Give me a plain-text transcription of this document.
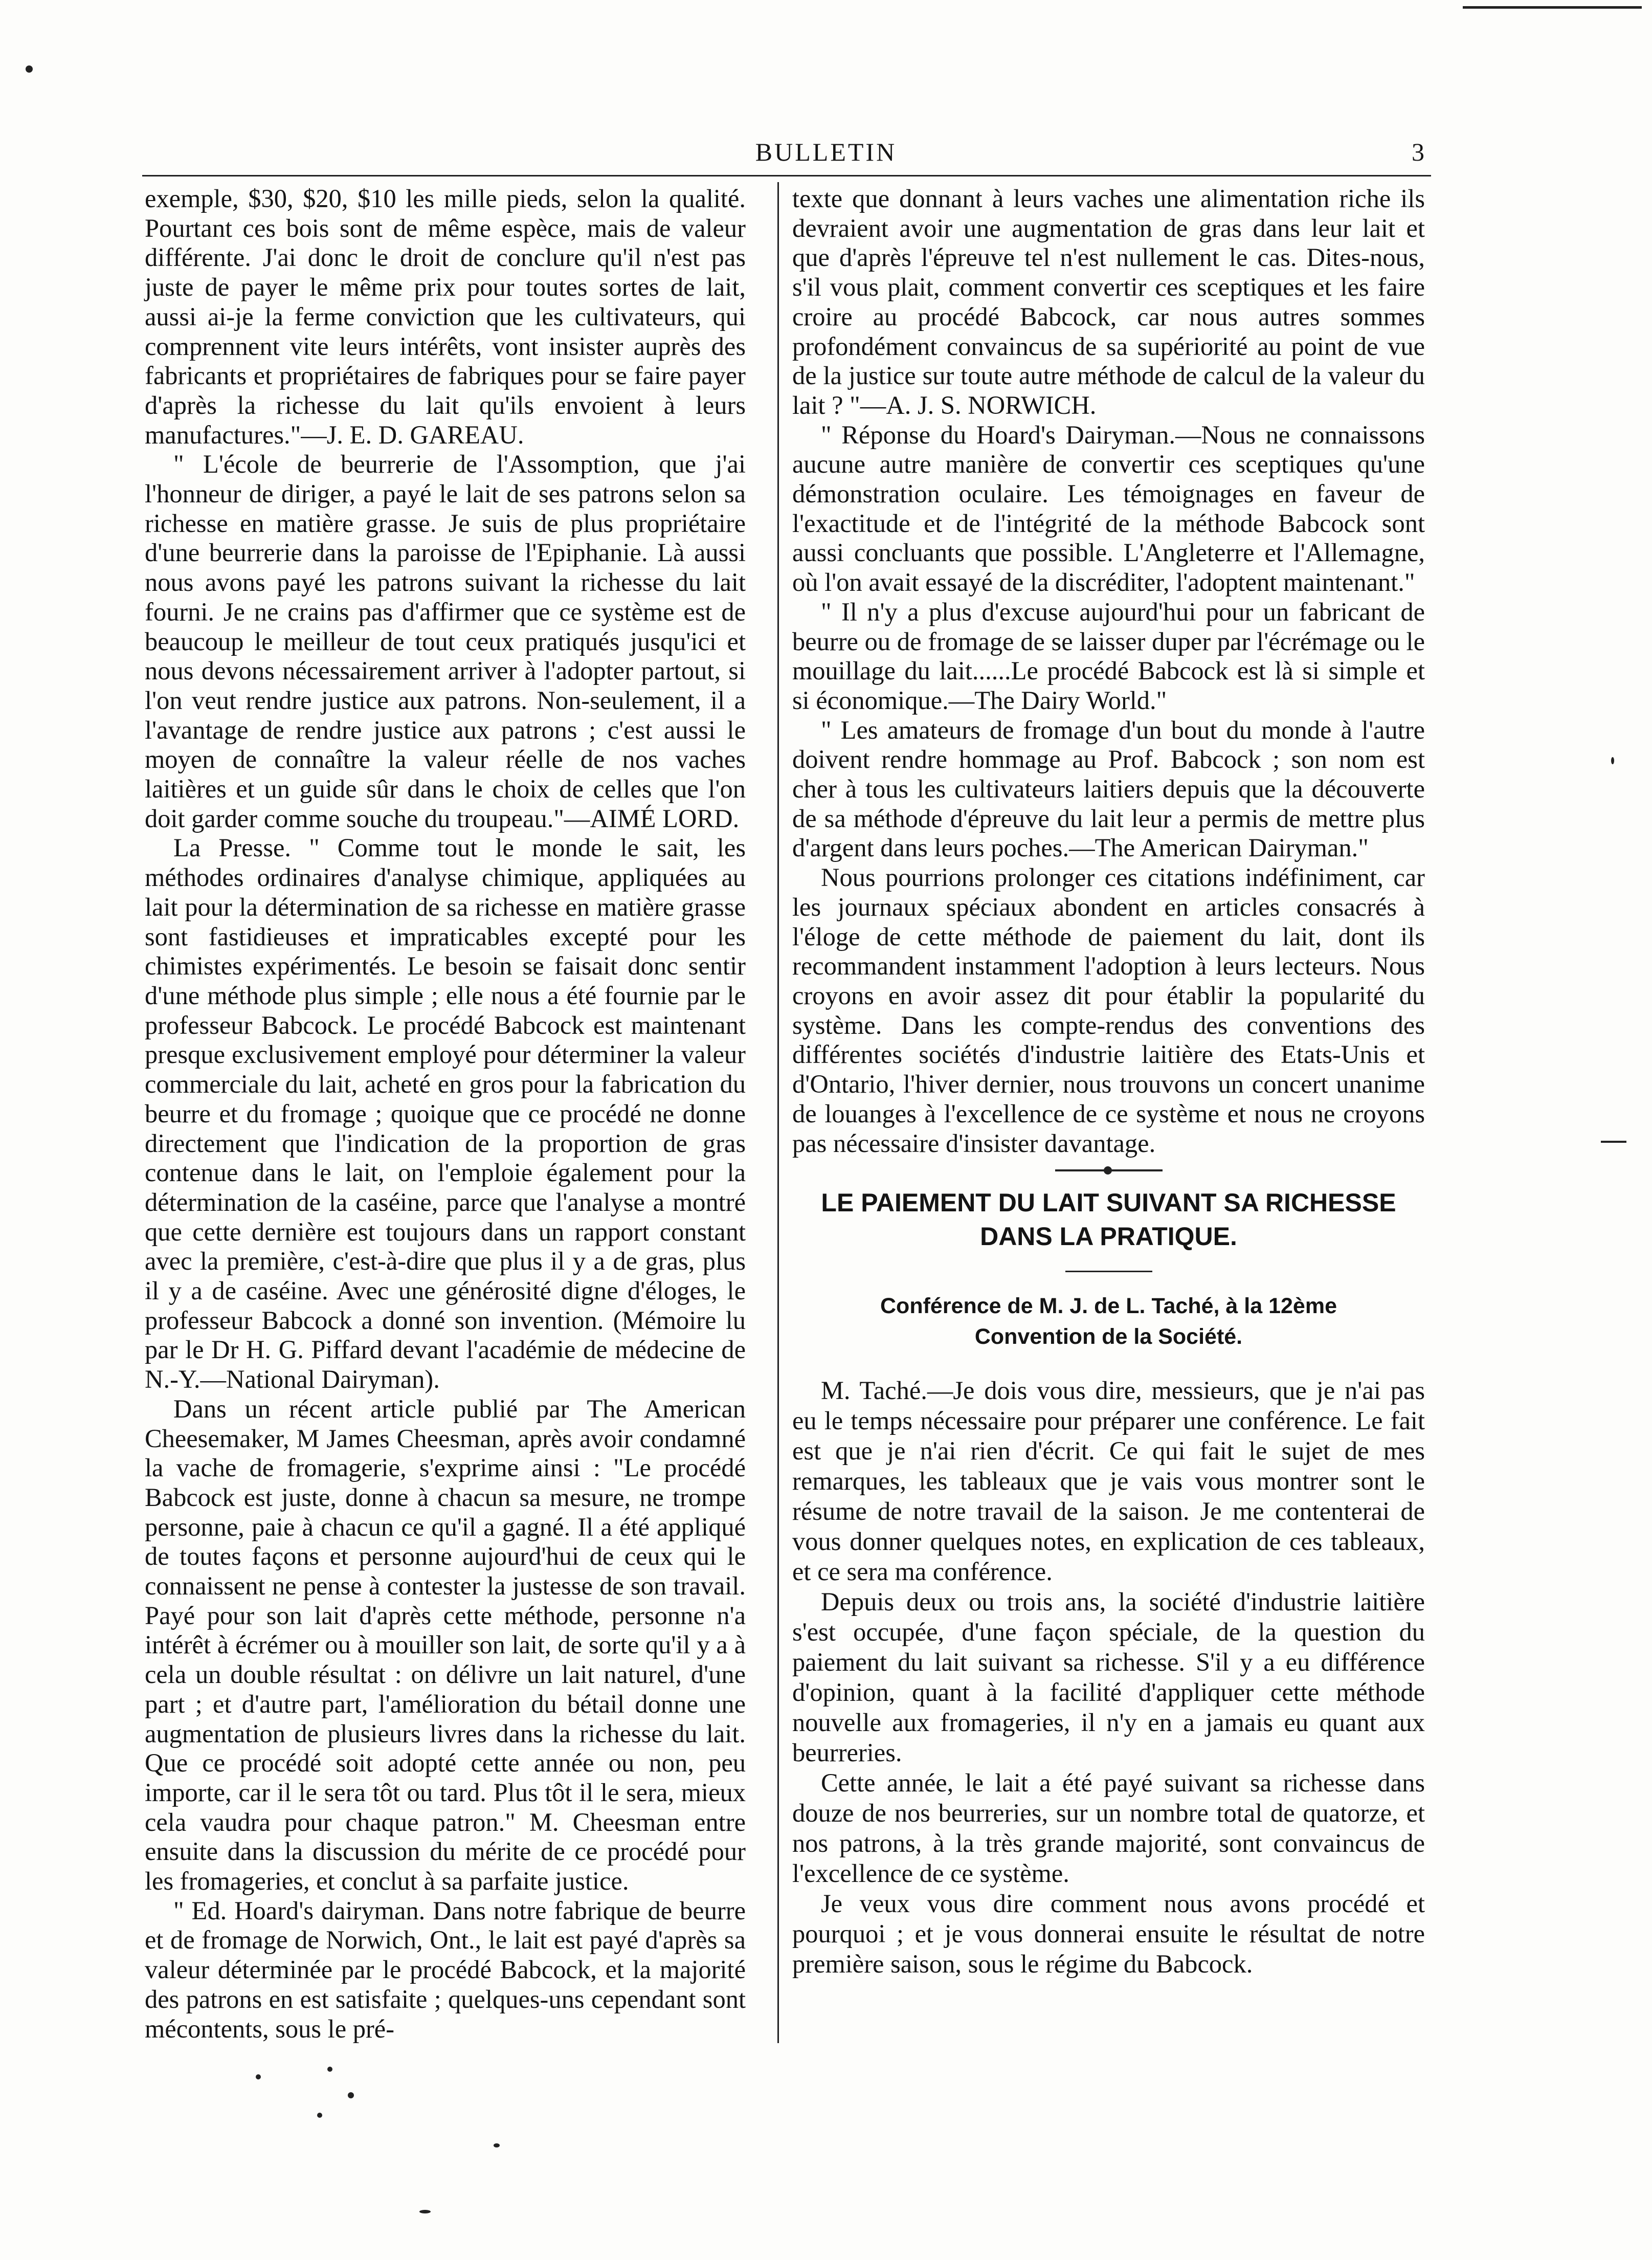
BULLETIN	3

exemple, $30, $20, $10 les mille pieds, selon la qualité. Pourtant ces bois sont de même espèce, mais de valeur différente. J'ai donc le droit de conclure qu'il n'est pas juste de payer le même prix pour toutes sortes de lait, aussi ai-je la ferme conviction que les cultivateurs, qui comprennent vite leurs intérêts, vont insister auprès des fabricants et propriétaires de fabriques pour se faire payer d'après la richesse du lait qu'ils envoient à leurs manufactures."—J. E. D. GAREAU.

" L'école de beurrerie de l'Assomption, que j'ai l'honneur de diriger, a payé le lait de ses patrons selon sa richesse en matière grasse. Je suis de plus propriétaire d'une beurrerie dans la paroisse de l'Epiphanie. Là aussi nous avons payé les patrons suivant la richesse du lait fourni. Je ne crains pas d'affirmer que ce système est de beaucoup le meilleur de tout ceux pratiqués jusqu'ici et nous devons nécessairement arriver à l'adopter partout, si l'on veut rendre justice aux patrons. Non-seulement, il a l'avantage de rendre justice aux patrons ; c'est aussi le moyen de connaître la valeur réelle de nos vaches laitières et un guide sûr dans le choix de celles que l'on doit garder comme souche du troupeau."—AIMÉ LORD.

La Presse. " Comme tout le monde le sait, les méthodes ordinaires d'analyse chimique, appliquées au lait pour la détermination de sa richesse en matière grasse sont fastidieuses et impraticables excepté pour les chimistes expérimentés. Le besoin se faisait donc sentir d'une méthode plus simple ; elle nous a été fournie par le professeur Babcock. Le procédé Babcock est maintenant presque exclusivement employé pour déterminer la valeur commerciale du lait, acheté en gros pour la fabrication du beurre et du fromage ; quoique que ce procédé ne donne directement que l'indication de la proportion de gras contenue dans le lait, on l'emploie également pour la détermination de la caséine, parce que l'analyse a montré que cette dernière est toujours dans un rapport constant avec la première, c'est-à-dire que plus il y a de gras, plus il y a de caséine. Avec une générosité digne d'éloges, le professeur Babcock a donné son invention. (Mémoire lu par le Dr H. G. Piffard devant l'académie de médecine de N.-Y.—National Dairyman).

Dans un récent article publié par The American Cheesemaker, M James Cheesman, après avoir condamné la vache de fromagerie, s'exprime ainsi : "Le procédé Babcock est juste, donne à chacun sa mesure, ne trompe personne, paie à chacun ce qu'il a gagné. Il a été appliqué de toutes façons et personne aujourd'hui de ceux qui le connaissent ne pense à contester la justesse de son travail. Payé pour son lait d'après cette méthode, personne n'a intérêt à écrémer ou à mouiller son lait, de sorte qu'il y a à cela un double résultat : on délivre un lait naturel, d'une part ; et d'autre part, l'amélioration du bétail donne une augmentation de plusieurs livres dans la richesse du lait. Que ce procédé soit adopté cette année ou non, peu importe, car il le sera tôt ou tard. Plus tôt il le sera, mieux cela vaudra pour chaque patron." M. Cheesman entre ensuite dans la discussion du mérite de ce procédé pour les fromageries, et conclut à sa parfaite justice.

" Ed. Hoard's dairyman. Dans notre fabrique de beurre et de fromage de Norwich, Ont., le lait est payé d'après sa valeur déterminée par le procédé Babcock, et la majorité des patrons en est satisfaite ; quelques-uns cependant sont mécontents, sous le pré-

texte que donnant à leurs vaches une alimentation riche ils devraient avoir une augmentation de gras dans leur lait et que d'après l'épreuve tel n'est nullement le cas. Dites-nous, s'il vous plait, comment convertir ces sceptiques et les faire croire au procédé Babcock, car nous autres sommes profondément convaincus de sa supériorité au point de vue de la justice sur toute autre méthode de calcul de la valeur du lait ? "—A. J. S. NORWICH.

" Réponse du Hoard's Dairyman.—Nous ne connaissons aucune autre manière de convertir ces sceptiques qu'une démonstration oculaire. Les témoignages en faveur de l'exactitude et de l'intégrité de la méthode Babcock sont aussi concluants que possible. L'Angleterre et l'Allemagne, où l'on avait essayé de la discréditer, l'adoptent maintenant."

" Il n'y a plus d'excuse aujourd'hui pour un fabricant de beurre ou de fromage de se laisser duper par l'écrémage ou le mouillage du lait......Le procédé Babcock est là si simple et si économique.—The Dairy World."

" Les amateurs de fromage d'un bout du monde à l'autre doivent rendre hommage au Prof. Babcock ; son nom est cher à tous les cultivateurs laitiers depuis que la découverte de sa méthode d'épreuve du lait leur a permis de mettre plus d'argent dans leurs poches.—The American Dairyman."

Nous pourrions prolonger ces citations indéfiniment, car les journaux spéciaux abondent en articles consacrés à l'éloge de cette méthode de paiement du lait, dont ils recommandent instamment l'adoption à leurs lecteurs. Nous croyons en avoir assez dit pour établir la popularité du système. Dans les compte-rendus des conventions des différentes sociétés d'industrie laitière des Etats-Unis et d'Ontario, l'hiver dernier, nous trouvons un concert unanime de louanges à l'excellence de ce système et nous ne croyons pas nécessaire d'insister davantage.

LE PAIEMENT DU LAIT SUIVANT SA RICHESSE
DANS LA PRATIQUE.
Conférence de M. J. de L. Taché, à la 12ème
Convention de la Société.

M. Taché.—Je dois vous dire, messieurs, que je n'ai pas eu le temps nécessaire pour préparer une conférence. Le fait est que je n'ai rien d'écrit. Ce qui fait le sujet de mes remarques, les tableaux que je vais vous montrer sont le résume de notre travail de la saison. Je me contenterai de vous donner quelques notes, en explication de ces tableaux, et ce sera ma conférence.

Depuis deux ou trois ans, la société d'industrie laitière s'est occupée, d'une façon spéciale, de la question du paiement du lait suivant sa richesse. S'il y a eu différence d'opinion, quant à la facilité d'appliquer cette méthode nouvelle aux fromageries, il n'y en a jamais eu quant aux beurreries.

Cette année, le lait a été payé suivant sa richesse dans douze de nos beurreries, sur un nombre total de quatorze, et nos patrons, à la très grande majorité, sont convaincus de l'excellence de ce système.

Je veux vous dire comment nous avons procédé et pourquoi ; et je vous donnerai ensuite le résultat de notre première saison, sous le régime du Babcock.
